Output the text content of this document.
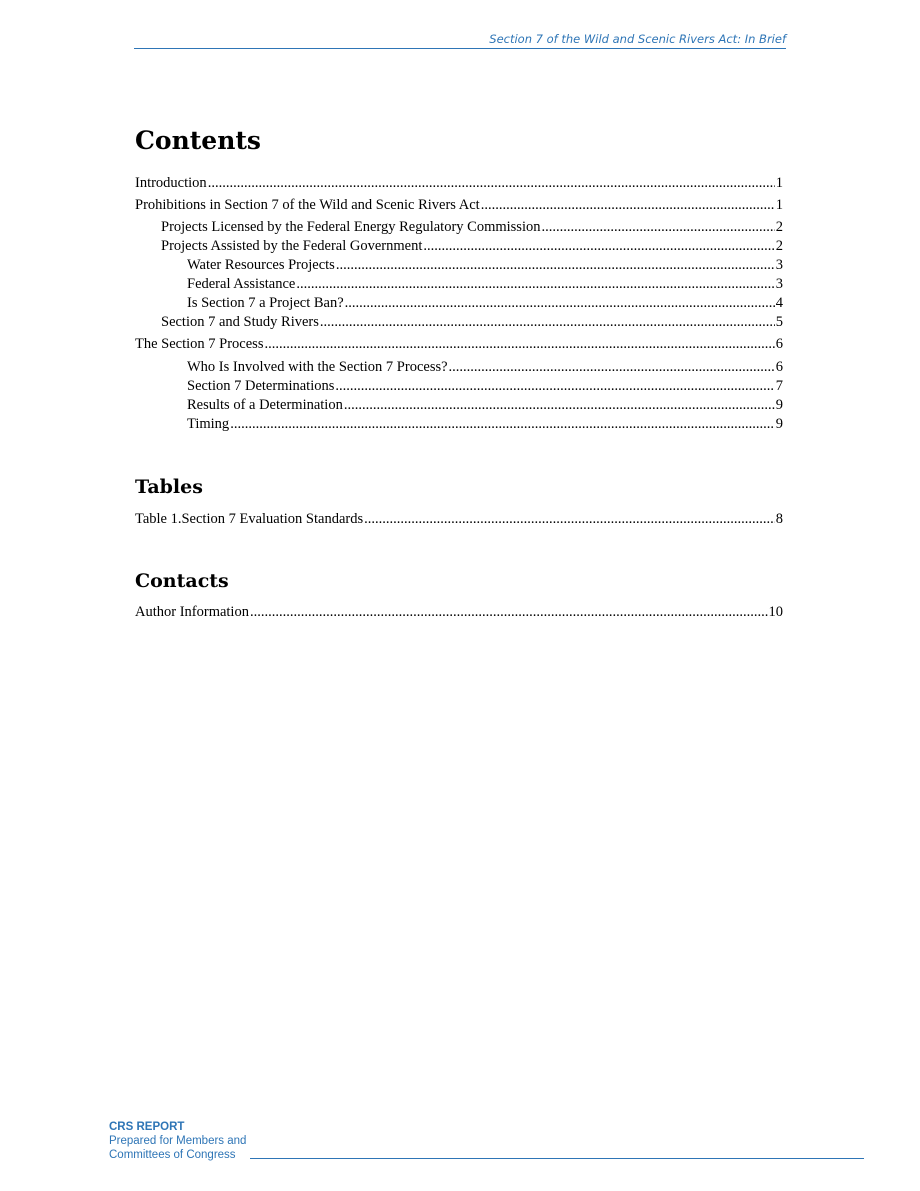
Section 7 of the Wild and Scenic Rivers Act: In Brief
Contents
Introduction .....	1
Prohibitions in Section 7 of the Wild and Scenic Rivers Act .....	1
Projects Licensed by the Federal Energy Regulatory Commission .....	2
Projects Assisted by the Federal Government .....	2
Water Resources Projects .....	3
Federal Assistance .....	3
Is Section 7 a Project Ban? .....	4
Section 7 and Study Rivers .....	5
The Section 7 Process .....	6
Who Is Involved with the Section 7 Process? .....	6
Section 7 Determinations .....	7
Results of a Determination .....	9
Timing .....	9
Tables
Table 1.Section 7 Evaluation Standards .....	8
Contacts
Author Information .....	10
CRS REPORT
Prepared for Members and
Committees of Congress
